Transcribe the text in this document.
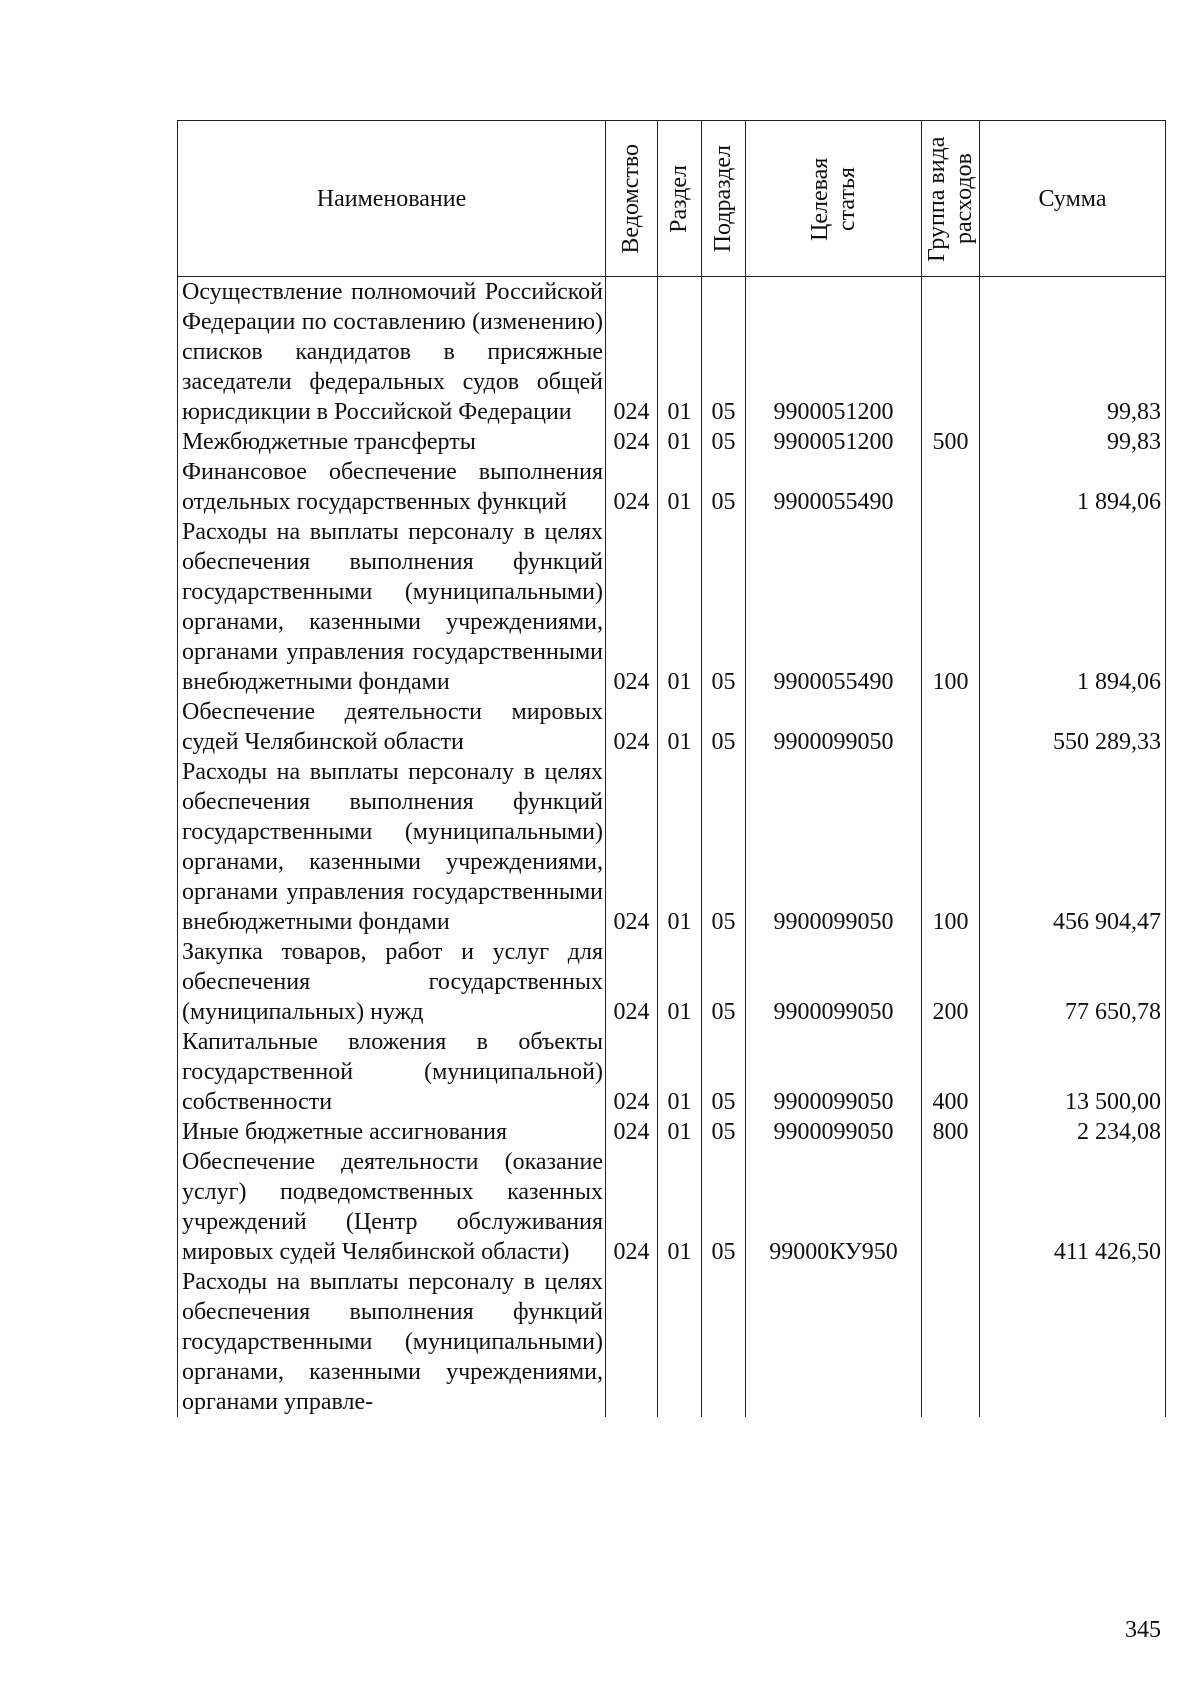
Наименование	Ведомство	Раздел	Подраздел	Целевая статья	Группа вида расходов	Сумма
Осуществление полномочий Российской Федерации по составлению (изменению) списков кандидатов в присяжные заседатели федеральных судов общей юрисдикции в Российской Федерации	024	01	05	9900051200		99,83
Межбюджетные трансферты	024	01	05	9900051200	500	99,83
Финансовое обеспечение выполнения отдельных государственных функций	024	01	05	9900055490		1 894,06
Расходы на выплаты персоналу в целях обеспечения выполнения функций государственными (муниципальными) органами, казенными учреждениями, органами управления государственными внебюджетными фондами	024	01	05	9900055490	100	1 894,06
Обеспечение деятельности мировых судей Челябинской области	024	01	05	9900099050		550 289,33
Расходы на выплаты персоналу в целях обеспечения выполнения функций государственными (муниципальными) органами, казенными учреждениями, органами управления государственными внебюджетными фондами	024	01	05	9900099050	100	456 904,47
Закупка товаров, работ и услуг для обеспечения государственных (муниципальных) нужд	024	01	05	9900099050	200	77 650,78
Капитальные вложения в объекты государственной (муниципальной) собственности	024	01	05	9900099050	400	13 500,00
Иные бюджетные ассигнования	024	01	05	9900099050	800	2 234,08
Обеспечение деятельности (оказание услуг) подведомственных казенных учреждений (Центр обслуживания мировых судей Челябинской области)	024	01	05	99000КУ950		411 426,50
Расходы на выплаты персоналу в целях обеспечения выполнения функций государственными (муниципальными) органами, казенными учреждениями, органами управле-						
345
